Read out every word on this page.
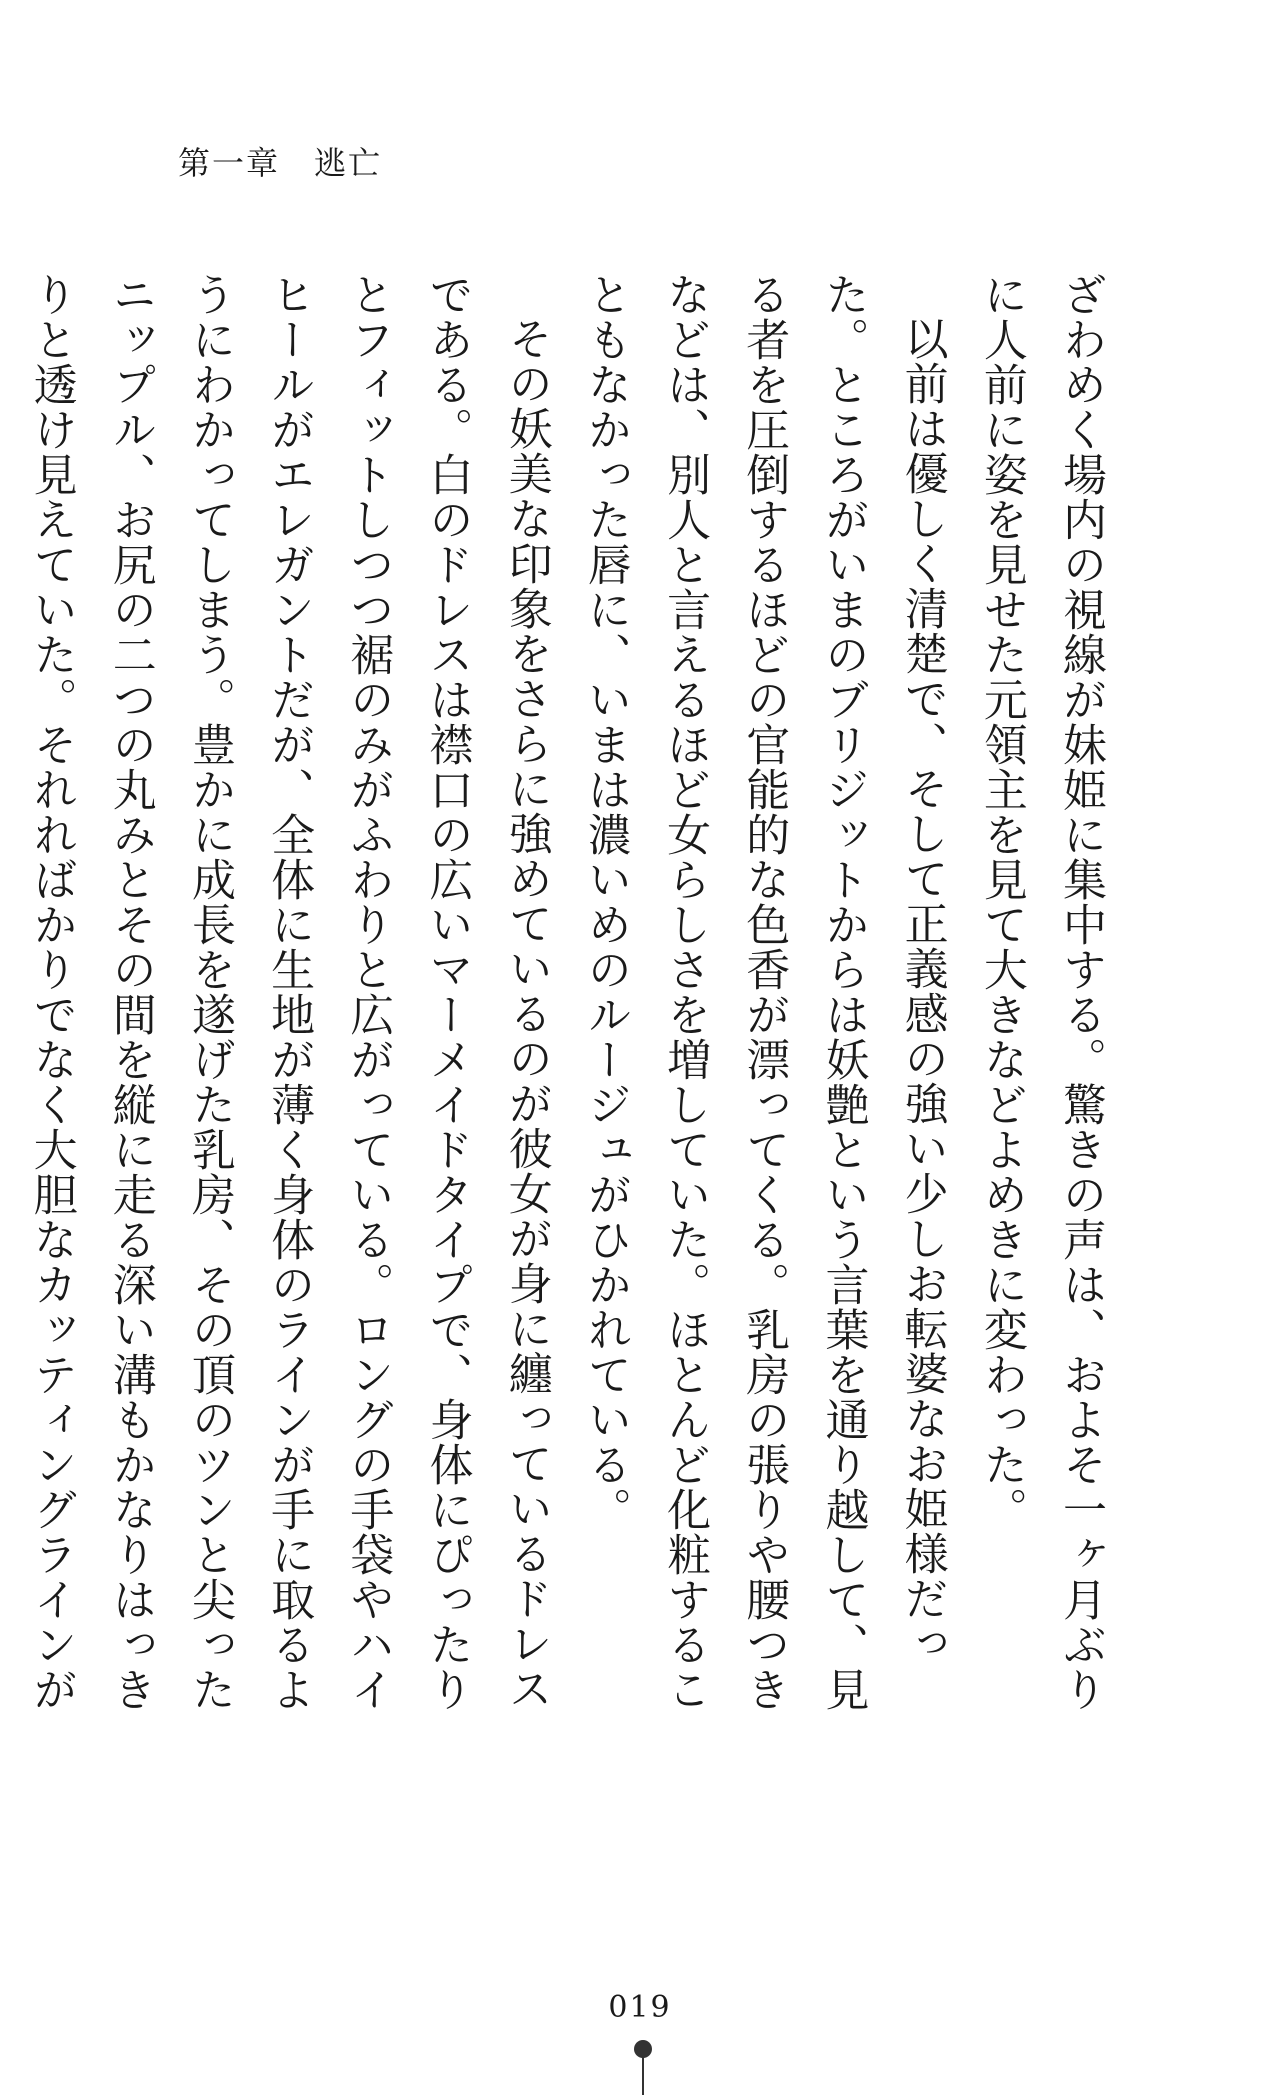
第一章　逃亡

ざわめく場内の視線が妹姫に集中する。驚きの声は、およそ一ヶ月ぶりに人前に姿を見せた元領主を見て大きなどよめきに変わった。

以前は優しく清楚で、そして正義感の強い少しお転婆なお姫様だった。ところがいまのブリジットからは妖艶という言葉を通り越して、見る者を圧倒するほどの官能的な色香が漂ってくる。乳房の張りや腰つきなどは、別人と言えるほど女らしさを増していた。ほとんど化粧することもなかった唇に、いまは濃いめのルージュがひかれている。

その妖美な印象をさらに強めているのが彼女が身に纏っているドレスである。白のドレスは襟口の広いマーメイドタイプで、身体にぴったりとフィットしつつ裾のみがふわりと広がっている。ロングの手袋やハイヒールがエレガントだが、全体に生地が薄く身体のラインが手に取るようにわかってしまう。豊かに成長を遂げた乳房、その頂のツンと尖ったニップル、お尻の二つの丸みとその間を縦に走る深い溝もかなりはっきりと透け見えていた。それればかりでなく大胆なカッティングラインが

019
